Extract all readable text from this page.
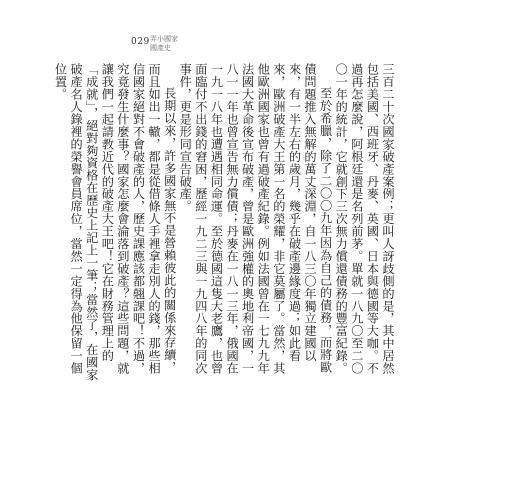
029 弄小國家
國產史

三百二十次國家破產案例；更叫人訝歧側的是，其中居然包括美國、西班牙、丹麥、英國、日本與德國等大咖。不過再怎麼說，阿根廷還是名列前茅。單就一八九〇至二〇〇一年的統計，它就創下三次無力償還債務的豐富紀錄。

至於希臘，除了二〇〇九年因為自己的債務，而將歐債問題推入無解的萬丈深淵，自一八三〇年獨立建國以來，有一半左右的歲月，幾乎在破產邊緣度過；如此看來，歐洲破產大王第一名的榮耀，非它莫屬了。當然，其他歐洲國家也曾有過破產紀錄。例如法國曾在一七九九年法國大革命後宣布破產，曾是歐洲強權的奧地利帝國，一八一一年也曾宣告無力償債；丹麥在一八一三年，俄國在一九一八年也遭遇相同命運。至於德國這隻大老鷹，也曾面臨付不出錢的窘困，歷經一九二三與一九四八年的同次事件，更是形同宣告破產。

長期以來，許多國家無不是營賴彼此的關係來存續，而且如出一轍，都是從借條人手裡拿走別人的錢，那些相信國家絕對不會破產的人，歷史課應該都翹課吧！不過，究竟發生什麼事？國家怎麼會淪落到破產？這些問題，就讓我們一起請教近代的破產大王吧！它在財務管理上的「成就」，絕對夠資格在歷史上記上一筆；當然了，在國家破產名人錄裡的榮譽會員席位，當然一定得為他保留一個位置。
